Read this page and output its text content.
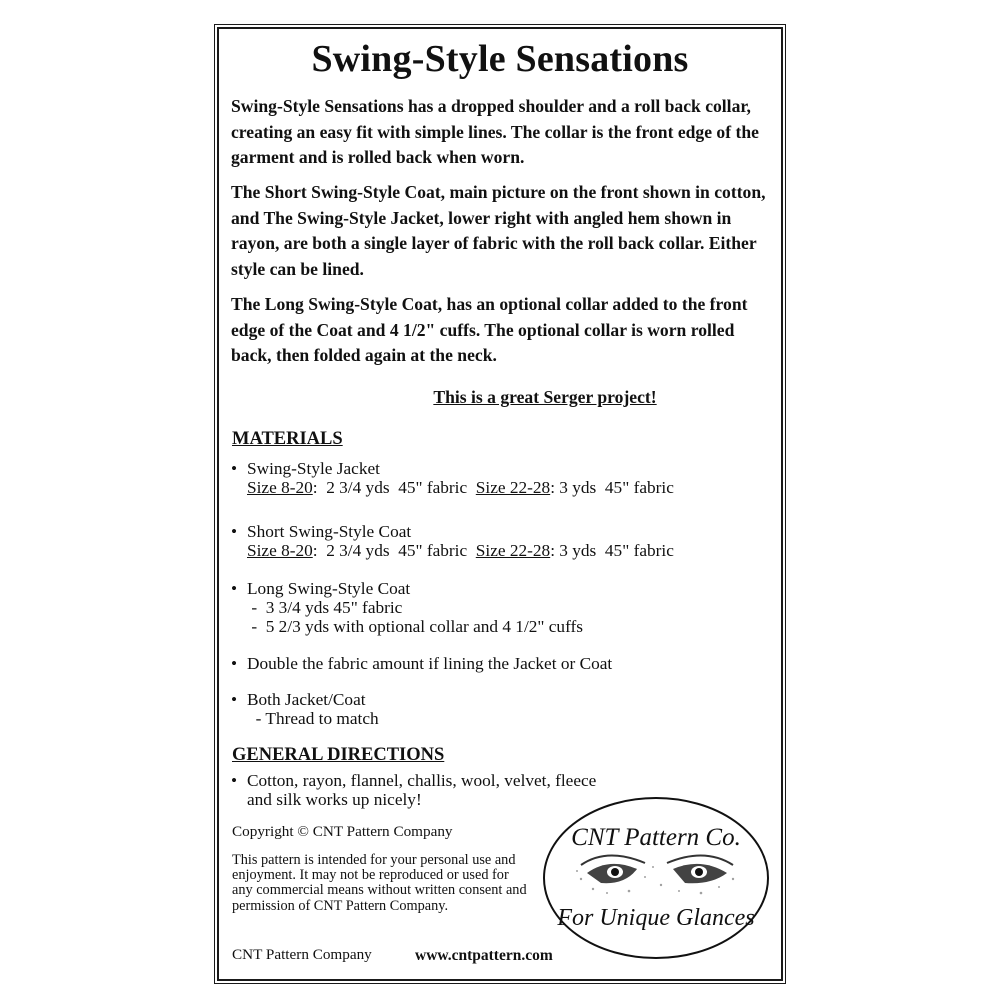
Swing-Style Sensations
Swing-Style Sensations has a dropped shoulder and a roll back collar, creating an easy fit with simple lines. The collar is the front edge of the garment and is rolled back when worn.
The Short Swing-Style Coat, main picture on the front shown in cotton, and The Swing-Style Jacket, lower right with angled hem shown in rayon, are both a single layer of fabric with the roll back collar. Either style can be lined.
The Long Swing-Style Coat, has an optional collar added to the front edge of the Coat and 4 1/2" cuffs. The optional collar is worn rolled back, then folded again at the neck.
This is a great Serger project!
MATERIALS
• Swing-Style Jacket
Size 8-20:  2 3/4 yds  45" fabric  Size 22-28: 3 yds  45" fabric
• Short Swing-Style Coat
Size 8-20:  2 3/4 yds  45" fabric  Size 22-28: 3 yds  45" fabric
• Long Swing-Style Coat
-  3 3/4 yds 45" fabric
-  5 2/3 yds with optional collar and 4 1/2" cuffs
• Double the fabric amount if lining the Jacket or Coat
• Both Jacket/Coat
- Thread to match
GENERAL DIRECTIONS
• Cotton, rayon, flannel, challis, wool, velvet, fleece
and silk works up nicely!
Copyright © CNT Pattern Company
This pattern is intended for your personal use and enjoyment. It may not be reproduced or used for any commercial means without written consent and permission of CNT Pattern Company.
CNT Pattern Company	www.cntpattern.com
CNT Pattern Co.
For Unique Glances
